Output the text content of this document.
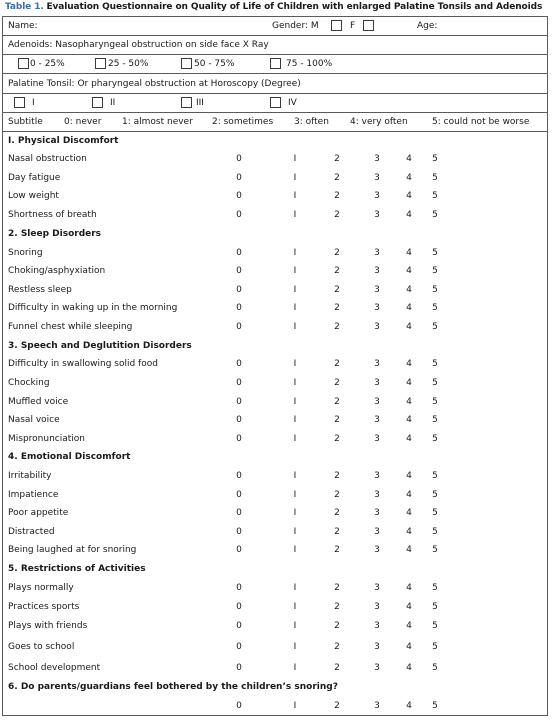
Table 1. Evaluation Questionnaire on Quality of Life of Children with enlarged Palatine Tonsils and Adenoids
Name:	Gender: M	F	Age:
Adenoids: Nasopharyngeal obstruction on side face X Ray
0 - 25%	25 - 50%	50 - 75%	75 - 100%
Palatine Tonsil: Or pharyngeal obstruction at Horoscopy (Degree)
I	II	III	IV
Subtitle 0: never 1: almost never 2: sometimes 3: often 4: very often	5: could not be worse
I. Physical Discomfort
Nasal obstruction	0	I	2	3	4	5
Day fatigue	0	I	2	3	4	5
Low weight	0	I	2	3	4	5
Shortness of breath	0	I	2	3	4	5
2. Sleep Disorders
Snoring	0	I	2	3	4	5
Choking/asphyxiation	0	I	2	3	4	5
Restless sleep	0	I	2	3	4	5
Difficulty in waking up in the morning	0	I	2	3	4	5
Funnel chest while sleeping	0	I	2	3	4	5
3. Speech and Deglutition Disorders
Difficulty in swallowing solid food	0	I	2	3	4	5
Chocking	0	I	2	3	4	5
Muffled voice	0	I	2	3	4	5
Nasal voice	0	I	2	3	4	5
Mispronunciation	0	I	2	3	4	5
4. Emotional Discomfort
Irritability	0	I	2	3	4	5
Impatience	0	I	2	3	4	5
Poor appetite	0	I	2	3	4	5
Distracted	0	I	2	3	4	5
Being laughed at for snoring	0	I	2	3	4	5
5. Restrictions of Activities
Plays normally	0	I	2	3	4	5
Practices sports	0	I	2	3	4	5
Plays with friends	0	I	2	3	4	5
Goes to school	0	I	2	3	4	5
School development	0	I	2	3	4	5
6. Do parents/guardians feel bothered by the children’s snoring?
0	I	2	3	4	5
